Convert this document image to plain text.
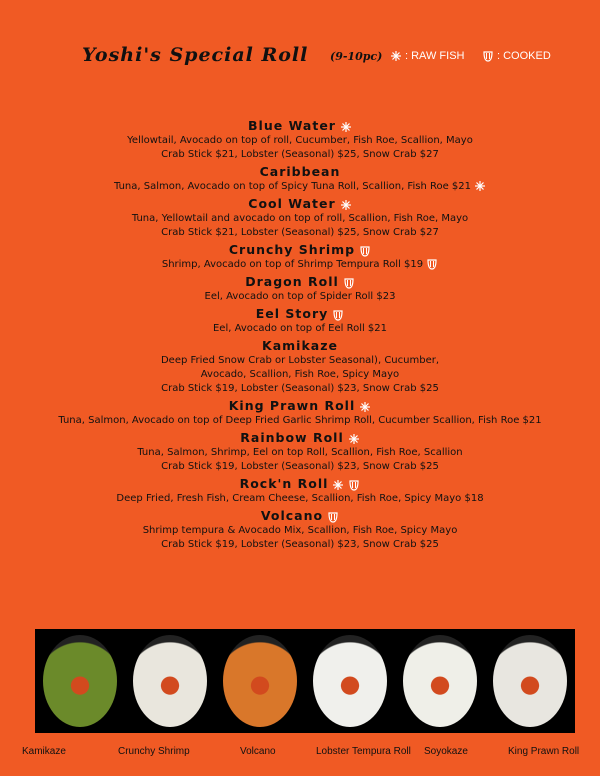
Yoshi's Special Roll (9-10pc) : RAW FISH	: COOKED
Blue Water
Yellowtail, Avocado on top of roll, Cucumber, Fish Roe, Scallion, Mayo
Crab Stick $21, Lobster (Seasonal) $25, Snow Crab $27
Caribbean
Tuna, Salmon, Avocado on top of Spicy Tuna Roll, Scallion, Fish Roe $21
Cool Water
Tuna, Yellowtail and avocado on top of roll, Scallion, Fish Roe, Mayo
Crab Stick $21, Lobster (Seasonal) $25, Snow Crab $27
Crunchy Shrimp
Shrimp, Avocado on top of Shrimp Tempura Roll $19
Dragon Roll
Eel, Avocado on top of Spider Roll $23
Eel Story
Eel, Avocado on top of Eel Roll $21
Kamikaze
Deep Fried Snow Crab or Lobster Seasonal), Cucumber,
Avocado, Scallion, Fish Roe, Spicy Mayo
Crab Stick $19, Lobster (Seasonal) $23, Snow Crab $25
King Prawn Roll
Tuna, Salmon, Avocado on top of Deep Fried Garlic Shrimp Roll, Cucumber Scallion, Fish Roe $21
Rainbow Roll
Tuna, Salmon, Shrimp, Eel on top Roll, Scallion, Fish Roe, Scallion
Crab Stick $19, Lobster (Seasonal) $23, Snow Crab $25
Rock'n Roll
Deep Fried, Fresh Fish, Cream Cheese, Scallion, Fish Roe, Spicy Mayo $18
Volcano
Shrimp tempura & Avocado Mix, Scallion, Fish Roe, Spicy Mayo
Crab Stick $19, Lobster (Seasonal) $23, Snow Crab $25
Kamikaze	Crunchy Shrimp	Volcano	Lobster Tempura Roll Soyokaze	King Prawn Roll
